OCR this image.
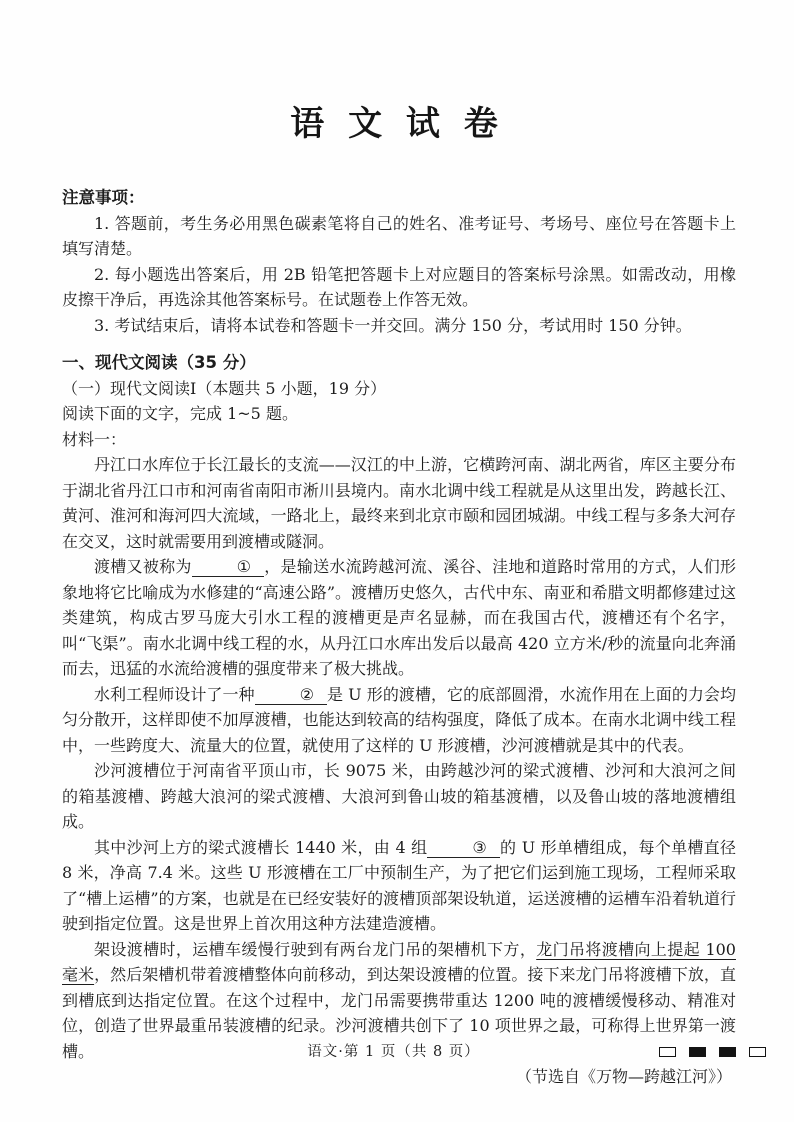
语 文 试 卷
注意事项：

1. 答题前，考生务必用黑色碳素笔将自己的姓名、准考证号、考场号、座位号在答题卡上填写清楚。

2. 每小题选出答案后，用 2B 铅笔把答题卡上对应题目的答案标号涂黑。如需改动，用橡皮擦干净后，再选涂其他答案标号。在试题卷上作答无效。

3. 考试结束后，请将本试卷和答题卡一并交回。满分 150 分，考试用时 150 分钟。

一、现代文阅读（35 分）

（一）现代文阅读Ⅰ（本题共 5 小题，19 分）

阅读下面的文字，完成 1~5 题。

材料一：

丹江口水库位于长江最长的支流——汉江的中上游，它横跨河南、湖北两省，库区主要分布于湖北省丹江口市和河南省南阳市淅川县境内。南水北调中线工程就是从这里出发，跨越长江、黄河、淮河和海河四大流域，一路北上，最终来到北京市颐和园团城湖。中线工程与多条大河存在交叉，这时就需要用到渡槽或隧洞。

渡槽又被称为	① ，是输送水流跨越河流、溪谷、洼地和道路时常用的方式，人们形象地将它比喻成为水修建的“高速公路”。渡槽历史悠久，古代中东、南亚和希腊文明都修建过这类建筑，构成古罗马庞大引水工程的渡槽更是声名显赫，而在我国古代，渡槽还有个名字，叫“飞渠”。南水北调中线工程的水，从丹江口水库出发后以最高 420 立方米/秒的流量向北奔涌而去，迅猛的水流给渡槽的强度带来了极大挑战。

水利工程师设计了一种	② 是 U 形的渡槽，它的底部圆滑，水流作用在上面的力会均匀分散开，这样即使不加厚渡槽，也能达到较高的结构强度，降低了成本。在南水北调中线工程中，一些跨度大、流量大的位置，就使用了这样的 U 形渡槽，沙河渡槽就是其中的代表。

沙河渡槽位于河南省平顶山市，长 9075 米，由跨越沙河的梁式渡槽、沙河和大浪河之间的箱基渡槽、跨越大浪河的梁式渡槽、大浪河到鲁山坡的箱基渡槽，以及鲁山坡的落地渡槽组成。

其中沙河上方的梁式渡槽长 1440 米，由 4 组	③ 的 U 形单槽组成，每个单槽直径 8 米，净高 7.4 米。这些 U 形渡槽在工厂中预制生产，为了把它们运到施工现场，工程师采取了“槽上运槽”的方案，也就是在已经安装好的渡槽顶部架设轨道，运送渡槽的运槽车沿着轨道行驶到指定位置。这是世界上首次用这种方法建造渡槽。

架设渡槽时，运槽车缓慢行驶到有两台龙门吊的架槽机下方，龙门吊将渡槽向上提起 100 毫米，然后架槽机带着渡槽整体向前移动，到达架设渡槽的位置。接下来龙门吊将渡槽下放，直到槽底到达指定位置。在这个过程中，龙门吊需要携带重达 1200 吨的渡槽缓慢移动、精准对位，创造了世界最重吊装渡槽的纪录。沙河渡槽共创下了 10 项世界之最，可称得上世界第一渡槽。

（节选自《万物—跨越江河》）

语文·第 1 页（共 8 页）
